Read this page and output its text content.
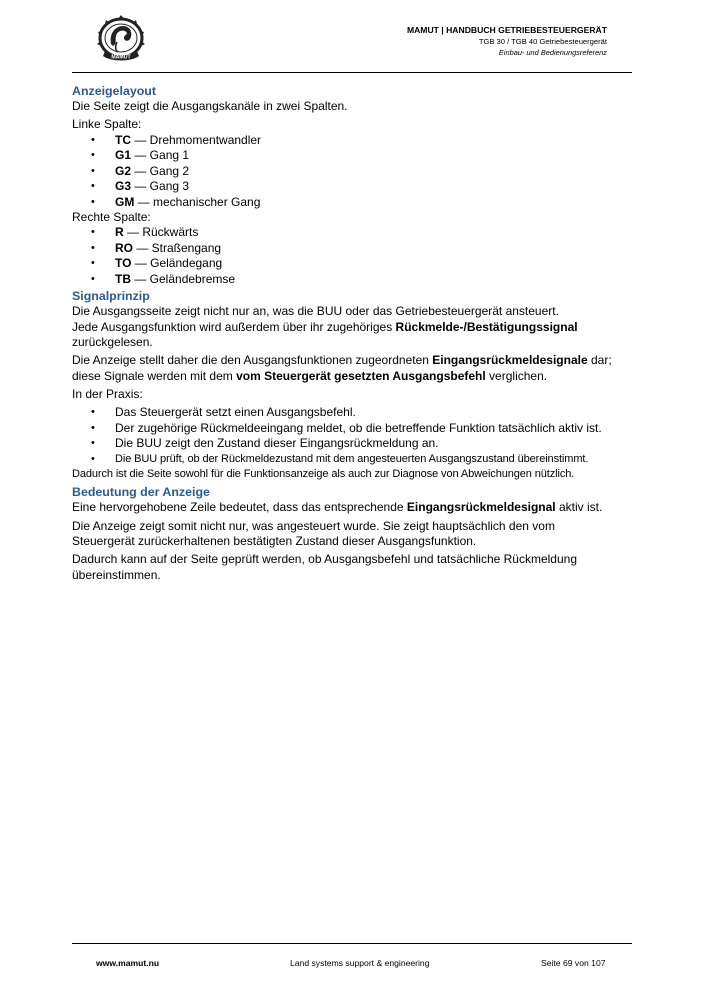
MAMUT
MAMUT | HANDBUCH GETRIEBESTEUERGERÄT
TGB 30 / TGB 40 Getriebesteuergerät
Einbau- und Bedienungsreferenz
Anzeigelayout

Die Seite zeigt die Ausgangskanäle in zwei Spalten.

Linke Spalte:
• TC — Drehmomentwandler
• G1 — Gang 1
• G2 — Gang 2
• G3 — Gang 3
• GM — mechanischer Gang
Rechte Spalte:
• R — Rückwärts
• RO — Straßengang
• TO — Geländegang
• TB — Geländebremse
Signalprinzip

Die Ausgangsseite zeigt nicht nur an, was die BUU oder das Getriebesteuergerät ansteuert.
Jede Ausgangsfunktion wird außerdem über ihr zugehöriges Rückmelde-/Bestätigungssignal
zurückgelesen.

Die Anzeige stellt daher die den Ausgangsfunktionen zugeordneten Eingangsrückmeldesignale dar;
diese Signale werden mit dem vom Steuergerät gesetzten Ausgangsbefehl verglichen.

In der Praxis:

• Das Steuergerät setzt einen Ausgangsbefehl.
• Der zugehörige Rückmeldeeingang meldet, ob die betreffende Funktion tatsächlich aktiv ist.
• Die BUU zeigt den Zustand dieser Eingangsrückmeldung an.
• Die BUU prüft, ob der Rückmeldezustand mit dem angesteuerten Ausgangszustand übereinstimmt.

Dadurch ist die Seite sowohl für die Funktionsanzeige als auch zur Diagnose von Abweichungen nützlich.

Bedeutung der Anzeige

Eine hervorgehobene Zeile bedeutet, dass das entsprechende Eingangsrückmeldesignal aktiv ist.

Die Anzeige zeigt somit nicht nur, was angesteuert wurde. Sie zeigt hauptsächlich den vom
Steuergerät zurückerhaltenen bestätigten Zustand dieser Ausgangsfunktion.

Dadurch kann auf der Seite geprüft werden, ob Ausgangsbefehl und tatsächliche Rückmeldung
übereinstimmen.

www.mamut.nu	Land systems support & engineering	Seite 69 von 107
